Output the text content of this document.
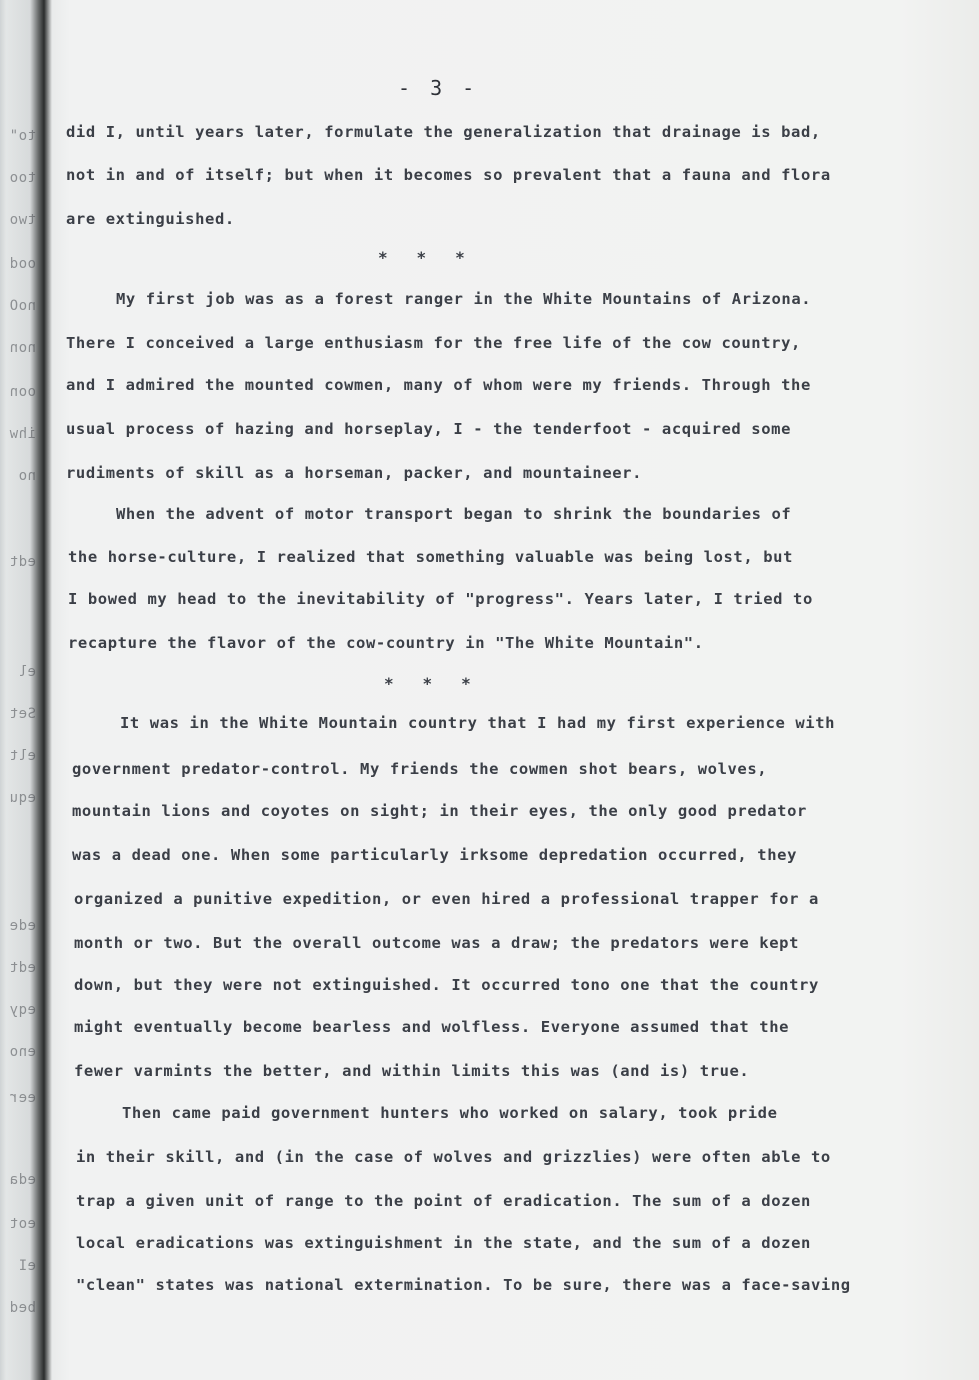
to"
too
two
ood
noO
non
oon
ihw
no
edt
el
Set
elt
equ
ede
edt
eqy
eno
eer
eda
eot
eI
bed
- 3 -
did I, until years later, formulate the generalization that drainage is bad,
not in and of itself; but when it becomes so prevalent that a fauna and flora
are extinguished.
*   *   *
My first job was as a forest ranger in the White Mountains of Arizona.
There I conceived a large enthusiasm for the free life of the cow country,
and I admired the mounted cowmen, many of whom were my friends. Through the
usual process of hazing and horseplay, I - the tenderfoot - acquired some
rudiments of skill as a horseman, packer, and mountaineer.
When the advent of motor transport began to shrink the boundaries of
the horse-culture, I realized that something valuable was being lost, but
I bowed my head to the inevitability of "progress". Years later, I tried to
recapture the flavor of the cow-country in "The White Mountain".
*   *   *
It was in the White Mountain country that I had my first experience with
government predator-control. My friends the cowmen shot bears, wolves,
mountain lions and coyotes on sight; in their eyes, the only good predator
was a dead one. When some particularly irksome depredation occurred, they
organized a punitive expedition, or even hired a professional trapper for a
month or two. But the overall outcome was a draw; the predators were kept
down, but they were not extinguished. It occurred tono one that the country
might eventually become bearless and wolfless. Everyone assumed that the
fewer varmints the better, and within limits this was (and is) true.
Then came paid government hunters who worked on salary, took pride
in their skill, and (in the case of wolves and grizzlies) were often able to
trap a given unit of range to the point of eradication. The sum of a dozen
local eradications was extinguishment in the state, and the sum of a dozen
"clean" states was national extermination. To be sure, there was a face-saving
